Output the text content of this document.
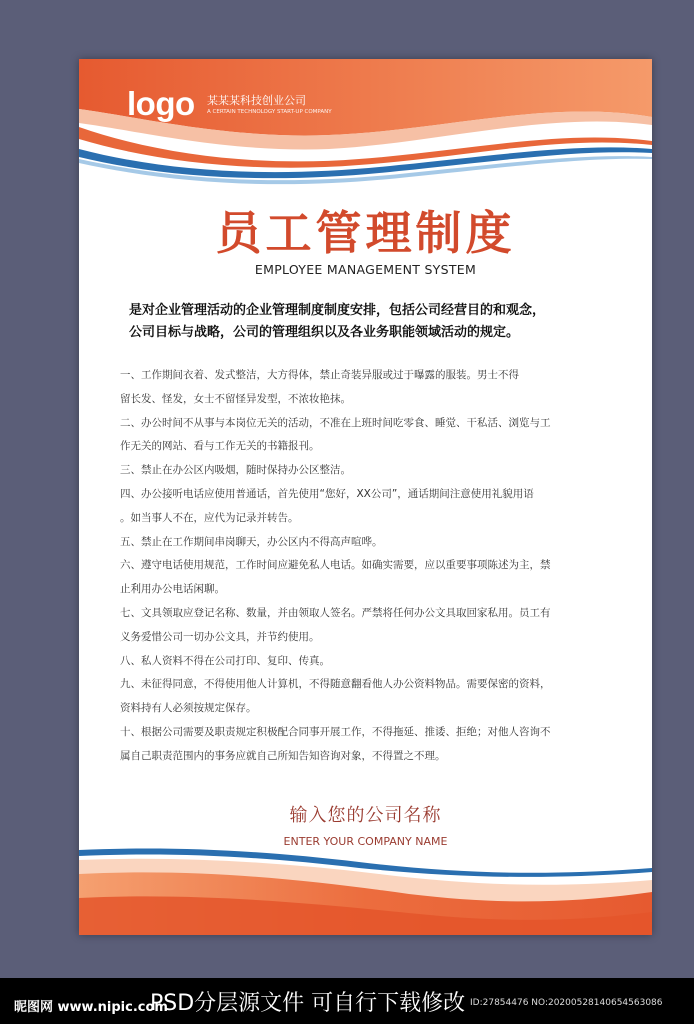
logo 某某某科技创业公司
A CERTAIN TECHNOLOGY START-UP COMPANY
员工管理制度
EMPLOYEE MANAGEMENT SYSTEM
是对企业管理活动的企业管理制度制度安排，包括公司经营目的和观念，
公司目标与战略，公司的管理组织以及各业务职能领域活动的规定。
一、工作期间衣着、发式整洁，大方得体，禁止奇装异服或过于曝露的服装。男士不得
留长发、怪发，女士不留怪异发型，不浓妆艳抹。
二、办公时间不从事与本岗位无关的活动，不准在上班时间吃零食、睡觉、干私活、浏览与工
作无关的网站、看与工作无关的书籍报刊。
三、禁止在办公区内吸烟，随时保持办公区整洁。
四、办公接听电话应使用普通话，首先使用“您好，XX公司”，通话期间注意使用礼貌用语
。如当事人不在，应代为记录并转告。
五、禁止在工作期间串岗聊天，办公区内不得高声喧哗。
六、遵守电话使用规范，工作时间应避免私人电话。如确实需要，应以重要事项陈述为主，禁
止利用办公电话闲聊。
七、文具领取应登记名称、数量，并由领取人签名。严禁将任何办公文具取回家私用。员工有
义务爱惜公司一切办公文具，并节约使用。
八、私人资料不得在公司打印、复印、传真。
九、未征得同意，不得使用他人计算机，不得随意翻看他人办公资料物品。需要保密的资料，
资料持有人必须按规定保存。
十、根据公司需要及职责规定积极配合同事开展工作，不得拖延、推诿、拒绝；对他人咨询不
属自己职责范围内的事务应就自己所知告知咨询对象，不得置之不理。
输入您的公司名称
ENTER YOUR COMPANY NAME
昵图网 www.nipic.com
PSD分层源文件 可自行下载修改 ID:27854476 NO:20200528140654563086
